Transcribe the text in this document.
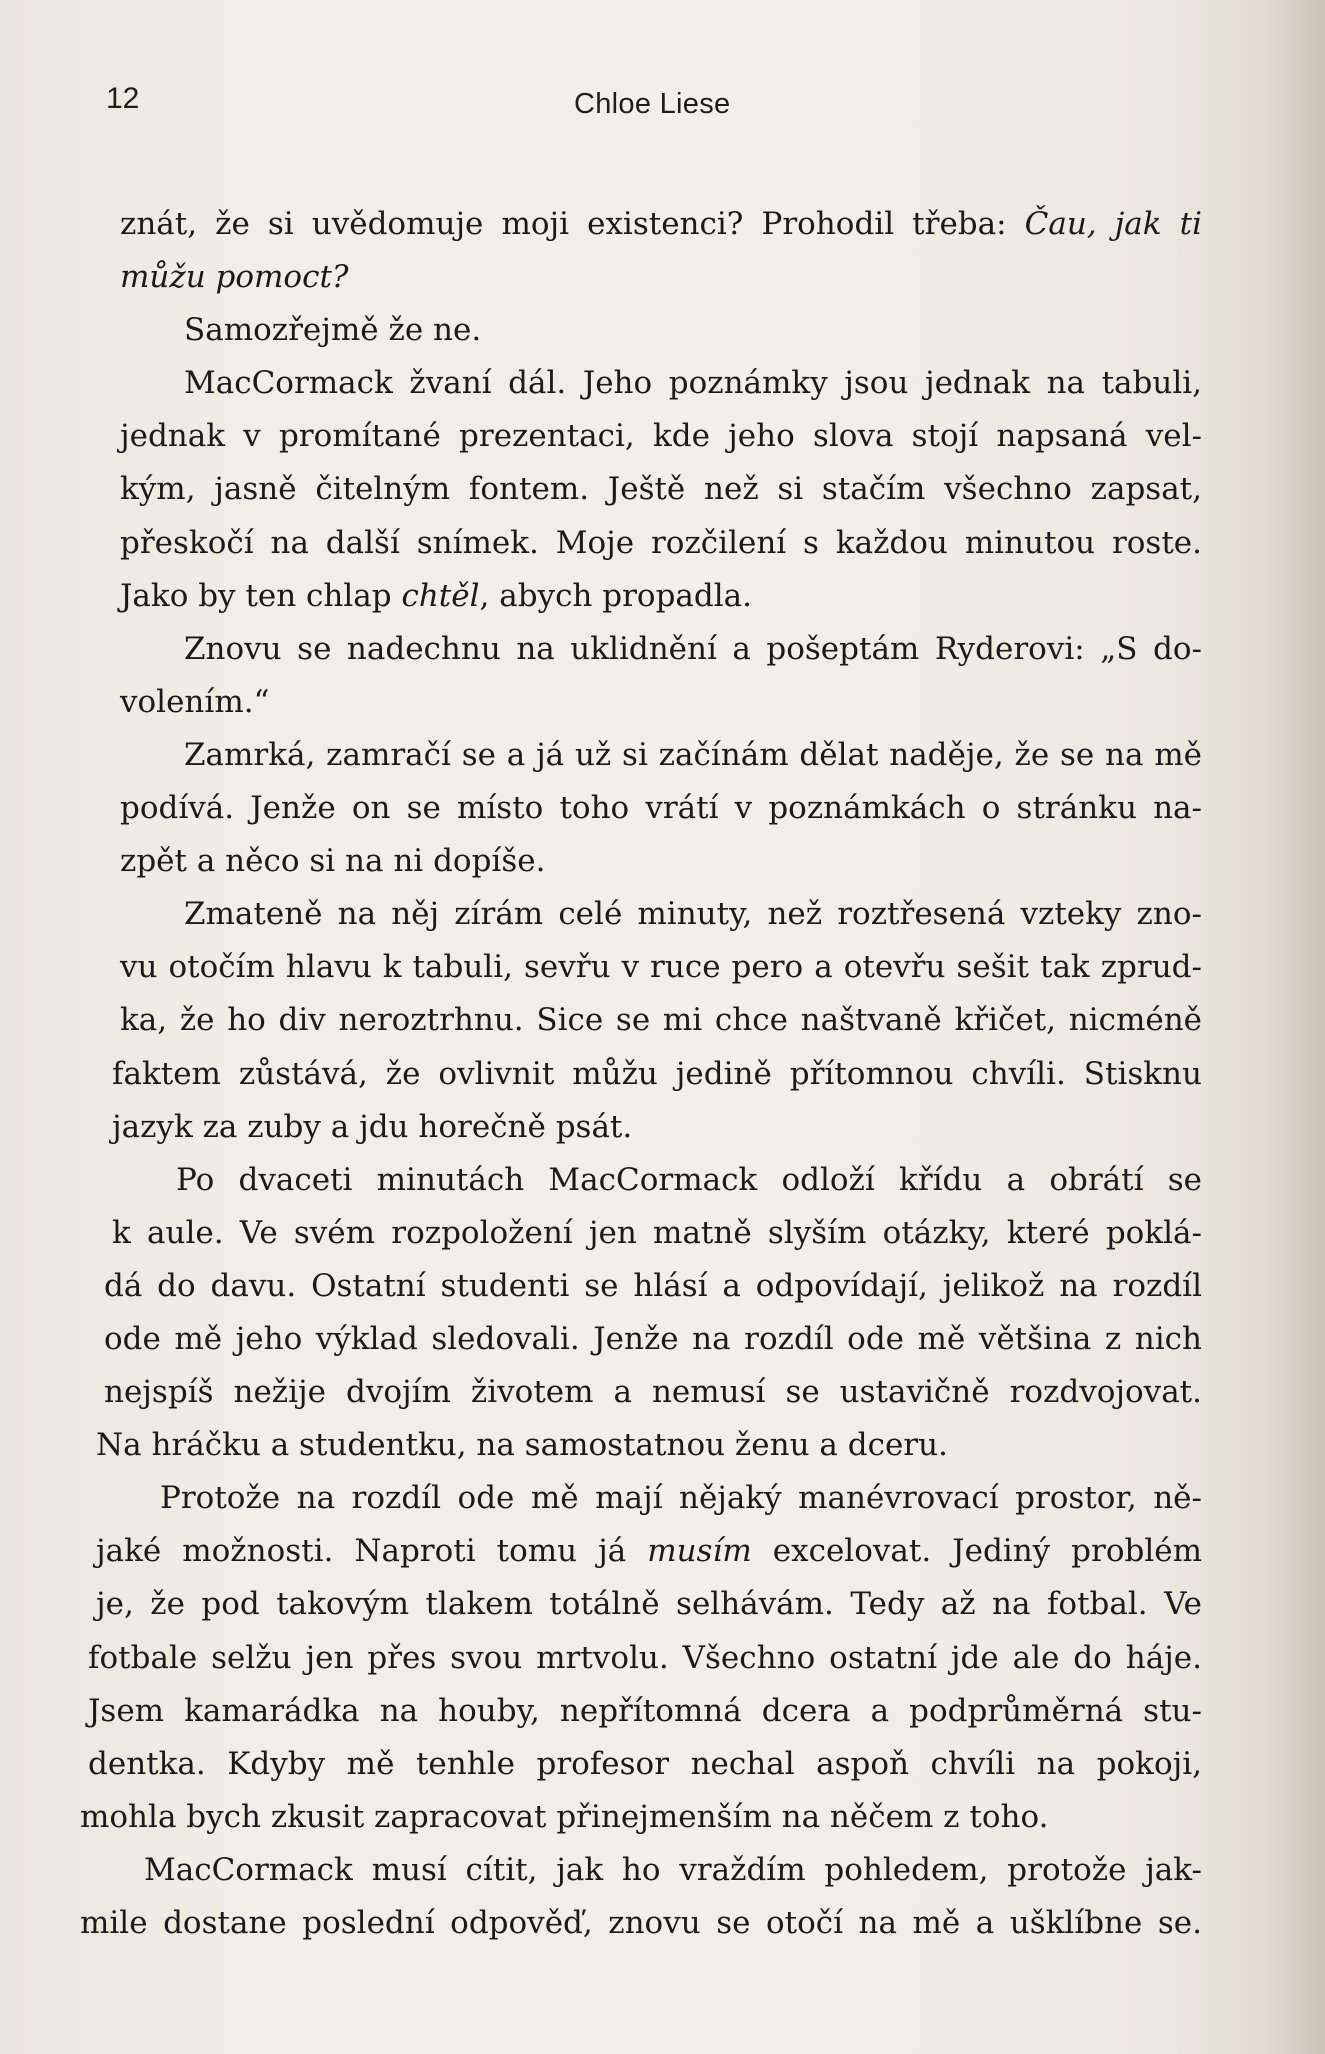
12	Chloe Liese
znát, že si uvědomuje moji existenci? Prohodil třeba: Čau, jak ti
můžu pomoct?
Samozřejmě že ne.
MacCormack žvaní dál. Jeho poznámky jsou jednak na tabuli,
jednak v promítané prezentaci, kde jeho slova stojí napsaná vel-
kým, jasně čitelným fontem. Ještě než si stačím všechno zapsat,
přeskočí na další snímek. Moje rozčilení s každou minutou roste.
Jako by ten chlap chtěl, abych propadla.
Znovu se nadechnu na uklidnění a pošeptám Ryderovi: „S do-
volením.“
Zamrká, zamračí se a já už si začínám dělat naděje, že se na mě
podívá. Jenže on se místo toho vrátí v poznámkách o stránku na-
zpět a něco si na ni dopíše.
Zmateně na něj zírám celé minuty, než roztřesená vzteky zno-
vu otočím hlavu k tabuli, sevřu v ruce pero a otevřu sešit tak zprud-
ka, že ho div neroztrhnu. Sice se mi chce naštvaně křičet, nicméně
faktem zůstává, že ovlivnit můžu jedině přítomnou chvíli. Stisknu
jazyk za zuby a jdu horečně psát.
Po dvaceti minutách MacCormack odloží křídu a obrátí se
k aule. Ve svém rozpoložení jen matně slyším otázky, které poklá-
dá do davu. Ostatní studenti se hlásí a odpovídají, jelikož na rozdíl
ode mě jeho výklad sledovali. Jenže na rozdíl ode mě většina z nich
nejspíš nežije dvojím životem a nemusí se ustavičně rozdvojovat.
Na hráčku a studentku, na samostatnou ženu a dceru.
Protože na rozdíl ode mě mají nějaký manévrovací prostor, ně-
jaké možnosti. Naproti tomu já musím excelovat. Jediný problém
je, že pod takovým tlakem totálně selhávám. Tedy až na fotbal. Ve
fotbale selžu jen přes svou mrtvolu. Všechno ostatní jde ale do háje.
Jsem kamarádka na houby, nepřítomná dcera a podprůměrná stu-
dentka. Kdyby mě tenhle profesor nechal aspoň chvíli na pokoji,
mohla bych zkusit zapracovat přinejmenším na něčem z toho.
MacCormack musí cítit, jak ho vraždím pohledem, protože jak-
mile dostane poslední odpověď, znovu se otočí na mě a ušklíbne se.
